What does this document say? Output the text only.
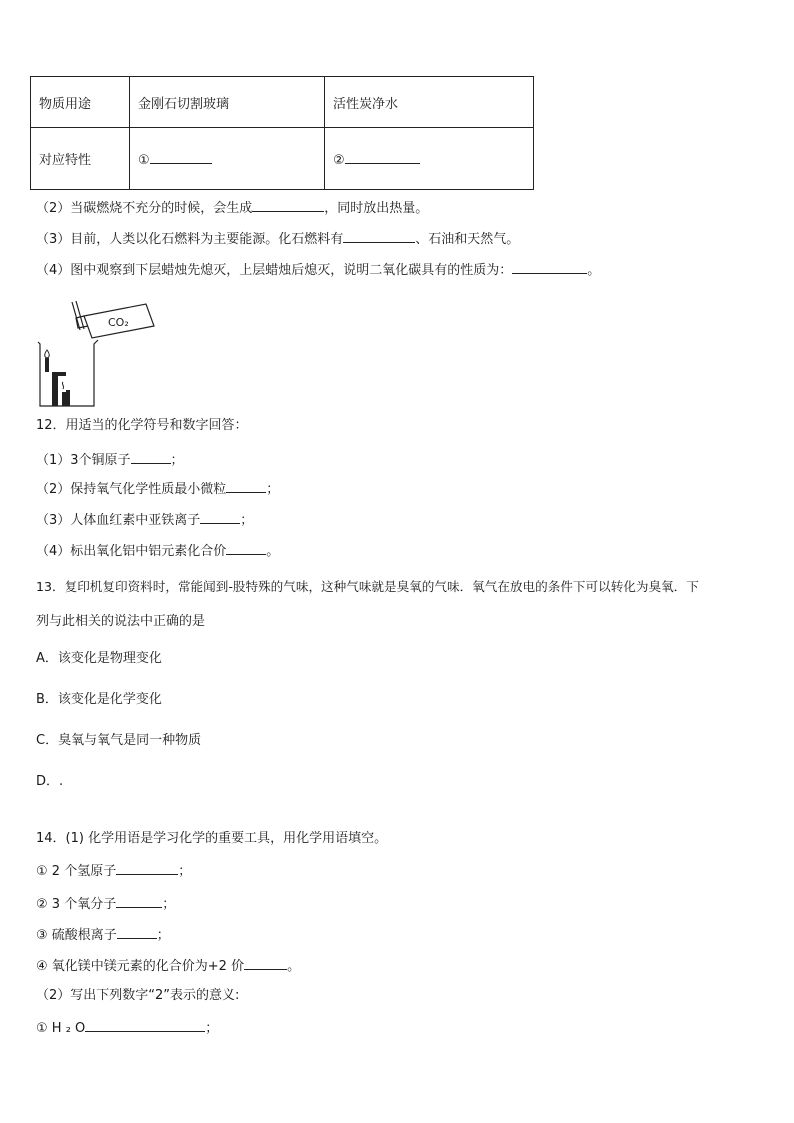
物质用途	金刚石切割玻璃	活性炭净水
对应特性	①	②
（2）当碳燃烧不充分的时候，会生成	，同时放出热量。
（3）目前，人类以化石燃料为主要能源。化石燃料有	、石油和天然气。
（4）图中观察到下层蜡烛先熄灭，上层蜡烛后熄灭，说明二氧化碳具有的性质为：	。
CO₂
12．用适当的化学符号和数字回答：
（1）3个铜原子	；
（2）保持氧气化学性质最小微粒	；
（3）人体血红素中亚铁离子	；
（4）标出氧化铝中铝元素化合价	。
13．复印机复印资料时，常能闻到-股特殊的气味，这种气味就是臭氧的气味．氧气在放电的条件下可以转化为臭氧．下
列与此相关的说法中正确的是
A．该变化是物理变化
B．该变化是化学变化
C．臭氧与氧气是同一种物质
D．.
14．(1) 化学用语是学习化学的重要工具，用化学用语填空。
① 2 个氢原子	；
② 3 个氧分子	；
③ 硫酸根离子	；
④ 氧化镁中镁元素的化合价为+2 价	。
（2）写出下列数字“2”表示的意义:
① H ₂ O	；
